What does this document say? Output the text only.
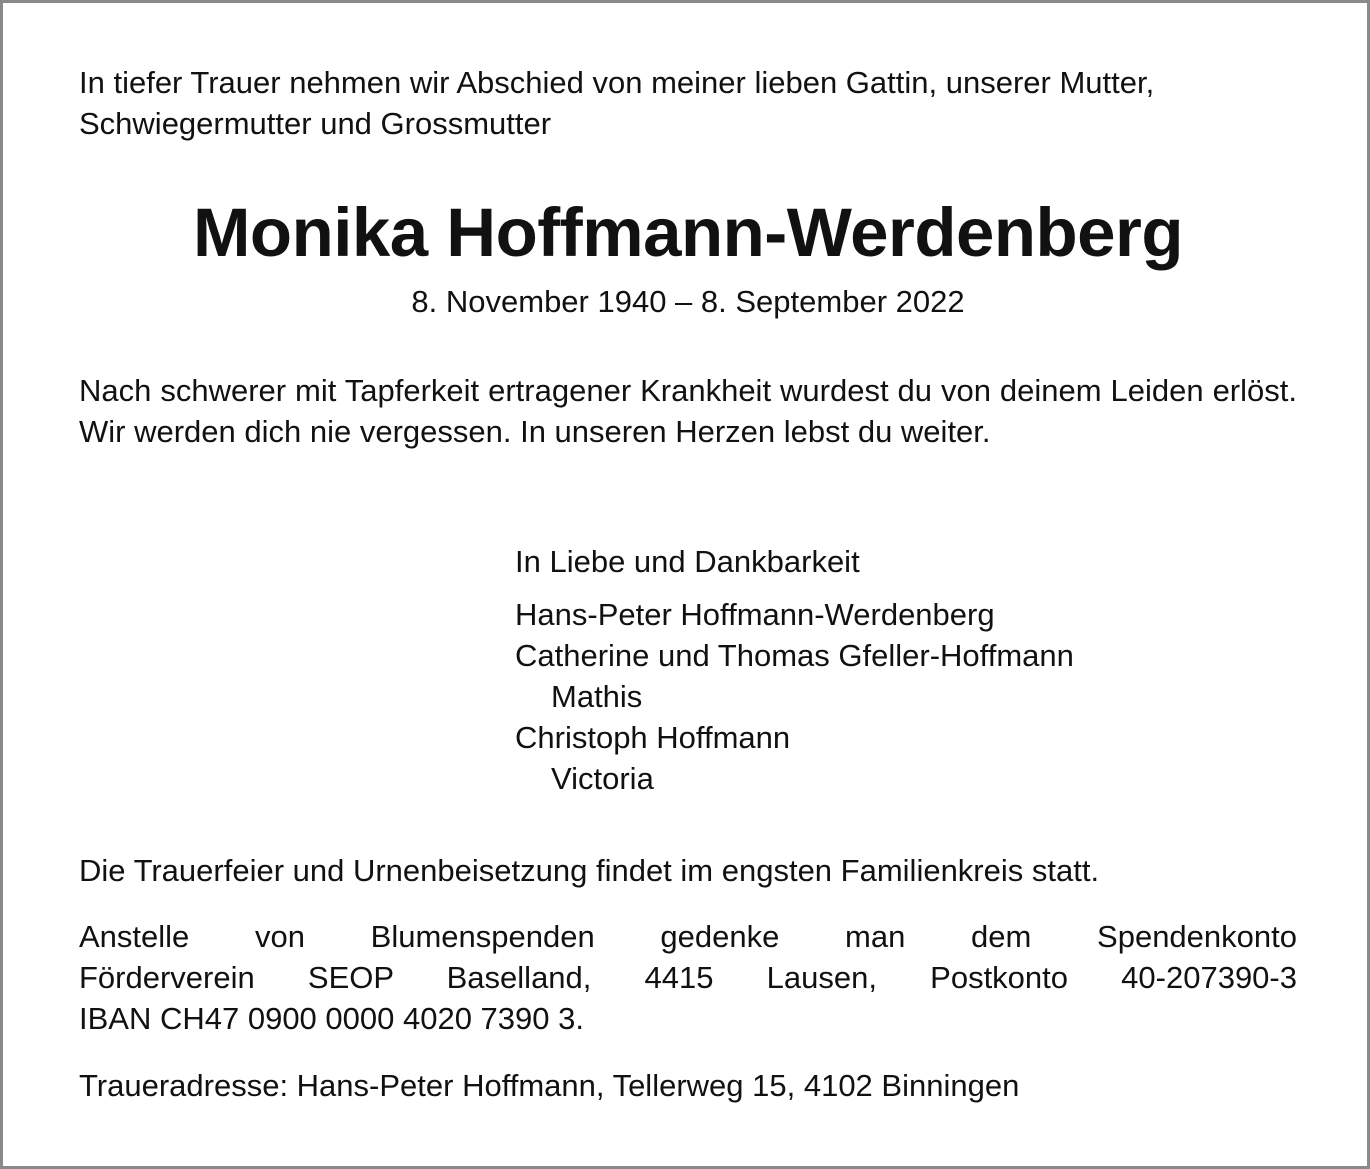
In tiefer Trauer nehmen wir Abschied von meiner lieben Gattin, unserer Mutter, Schwiegermutter und Grossmutter

Monika Hoffmann-Werdenberg

8. November 1940 – 8. September 2022

Nach schwerer mit Tapferkeit ertragener Krankheit wurdest du von deinem Leiden erlöst. Wir werden dich nie vergessen. In unseren Herzen lebst du weiter.

In Liebe und Dankbarkeit

Hans-Peter Hoffmann-Werdenberg

Catherine und Thomas Gfeller-Hoffmann

Mathis

Christoph Hoffmann

Victoria

Die Trauerfeier und Urnenbeisetzung findet im engsten Familienkreis statt.

Anstelle von Blumenspenden gedenke man dem Spendenkonto

Förderverein SEOP Baselland, 4415 Lausen, Postkonto 40-207390-3

IBAN CH47 0900 0000 4020 7390 3.

Traueradresse: Hans-Peter Hoffmann, Tellerweg 15, 4102 Binningen
